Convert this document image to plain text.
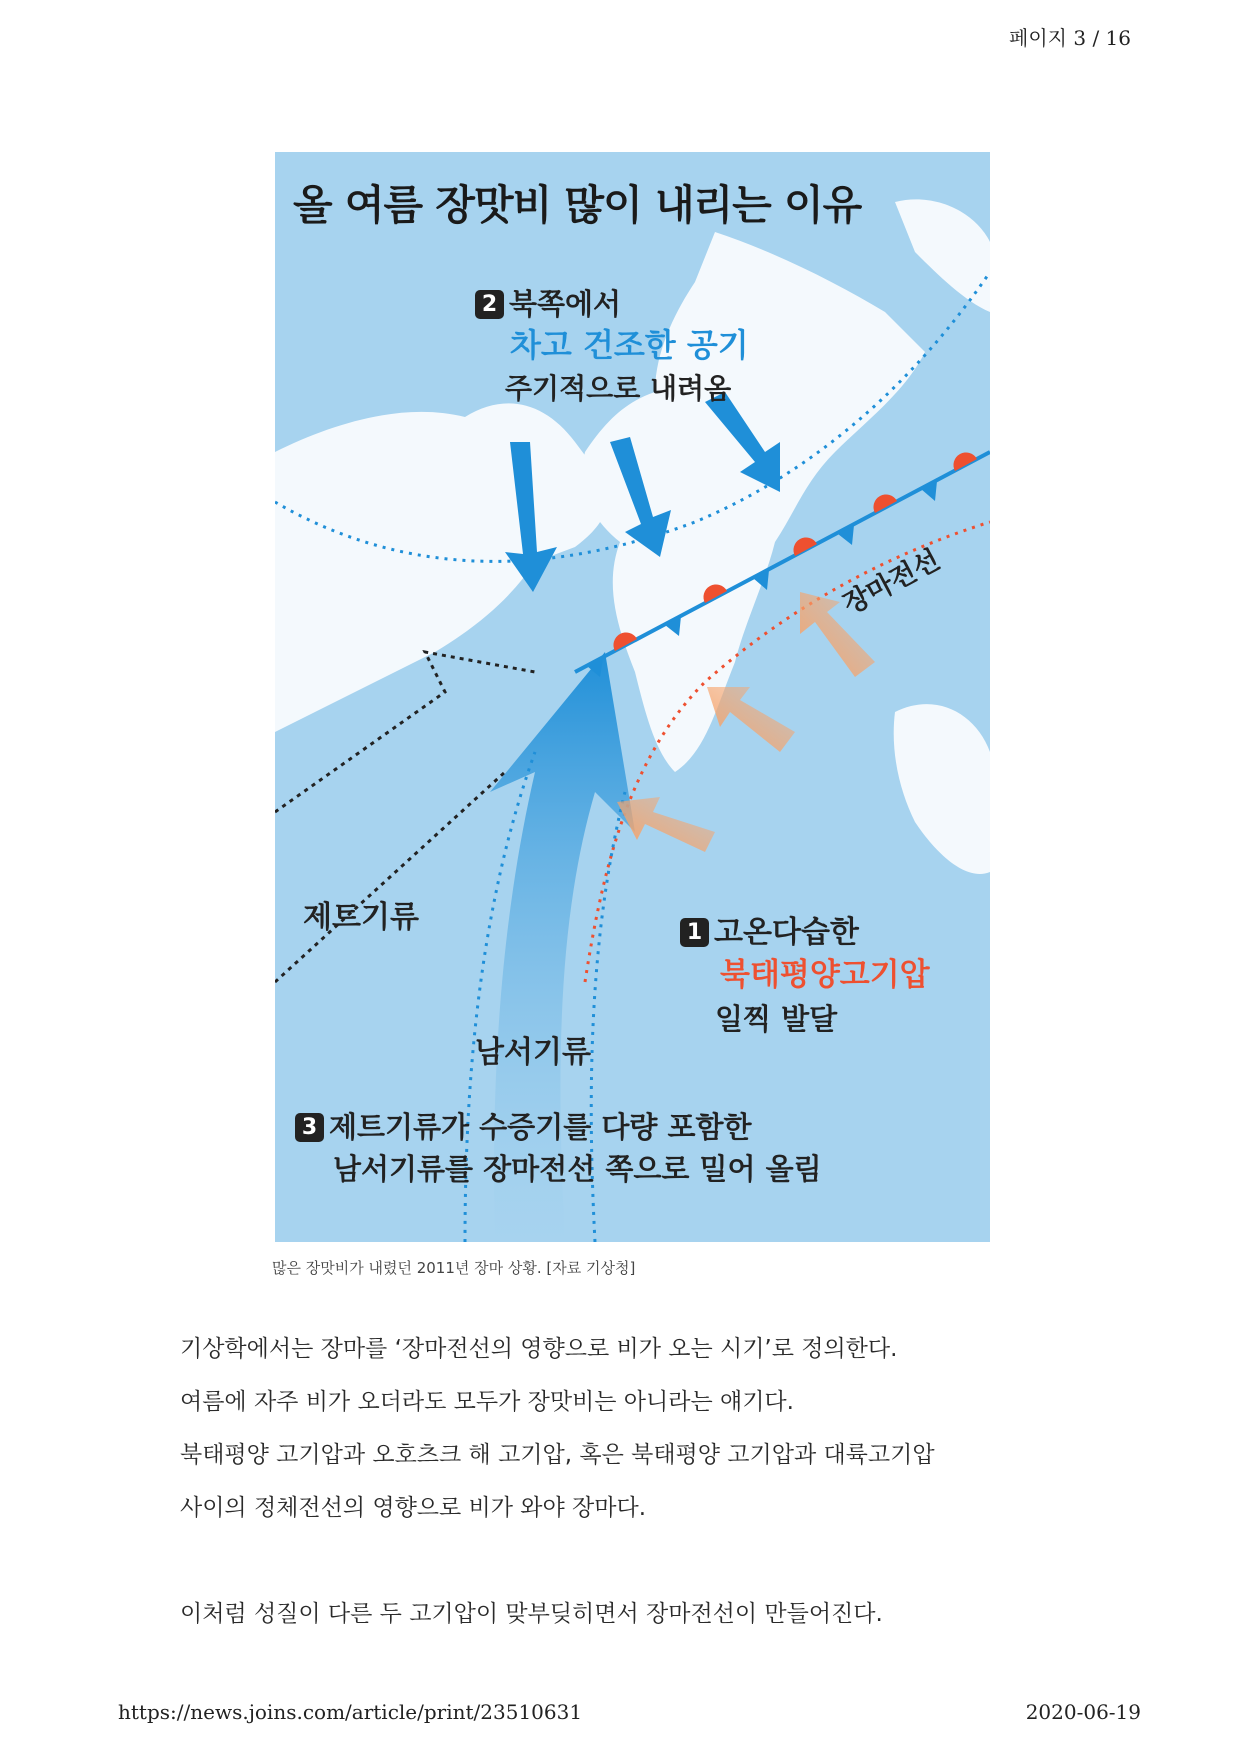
페이지 3 / 16
올 여름 장맛비 많이 내리는 이유
2 북쪽에서
차고 건조한 공기
주기적으로 내려옴
장마전선
제트기류
남서기류
1 고온다습한
북태평양고기압
일찍 발달
3 제트기류가 수증기를 다량 포함한
남서기류를 장마전선 쪽으로 밀어 올림
많은 장맛비가 내렸던 2011년 장마 상황. [자료 기상청]

기상학에서는 장마를 ‘장마전선의 영향으로 비가 오는 시기’로 정의한다.

여름에 자주 비가 오더라도 모두가 장맛비는 아니라는 얘기다.

북태평양 고기압과 오호츠크 해 고기압, 혹은 북태평양 고기압과 대륙고기압

사이의 정체전선의 영향으로 비가 와야 장마다.

이처럼 성질이 다른 두 고기압이 맞부딪히면서 장마전선이 만들어진다.

https://news.joins.com/article/print/23510631	2020-06-19
